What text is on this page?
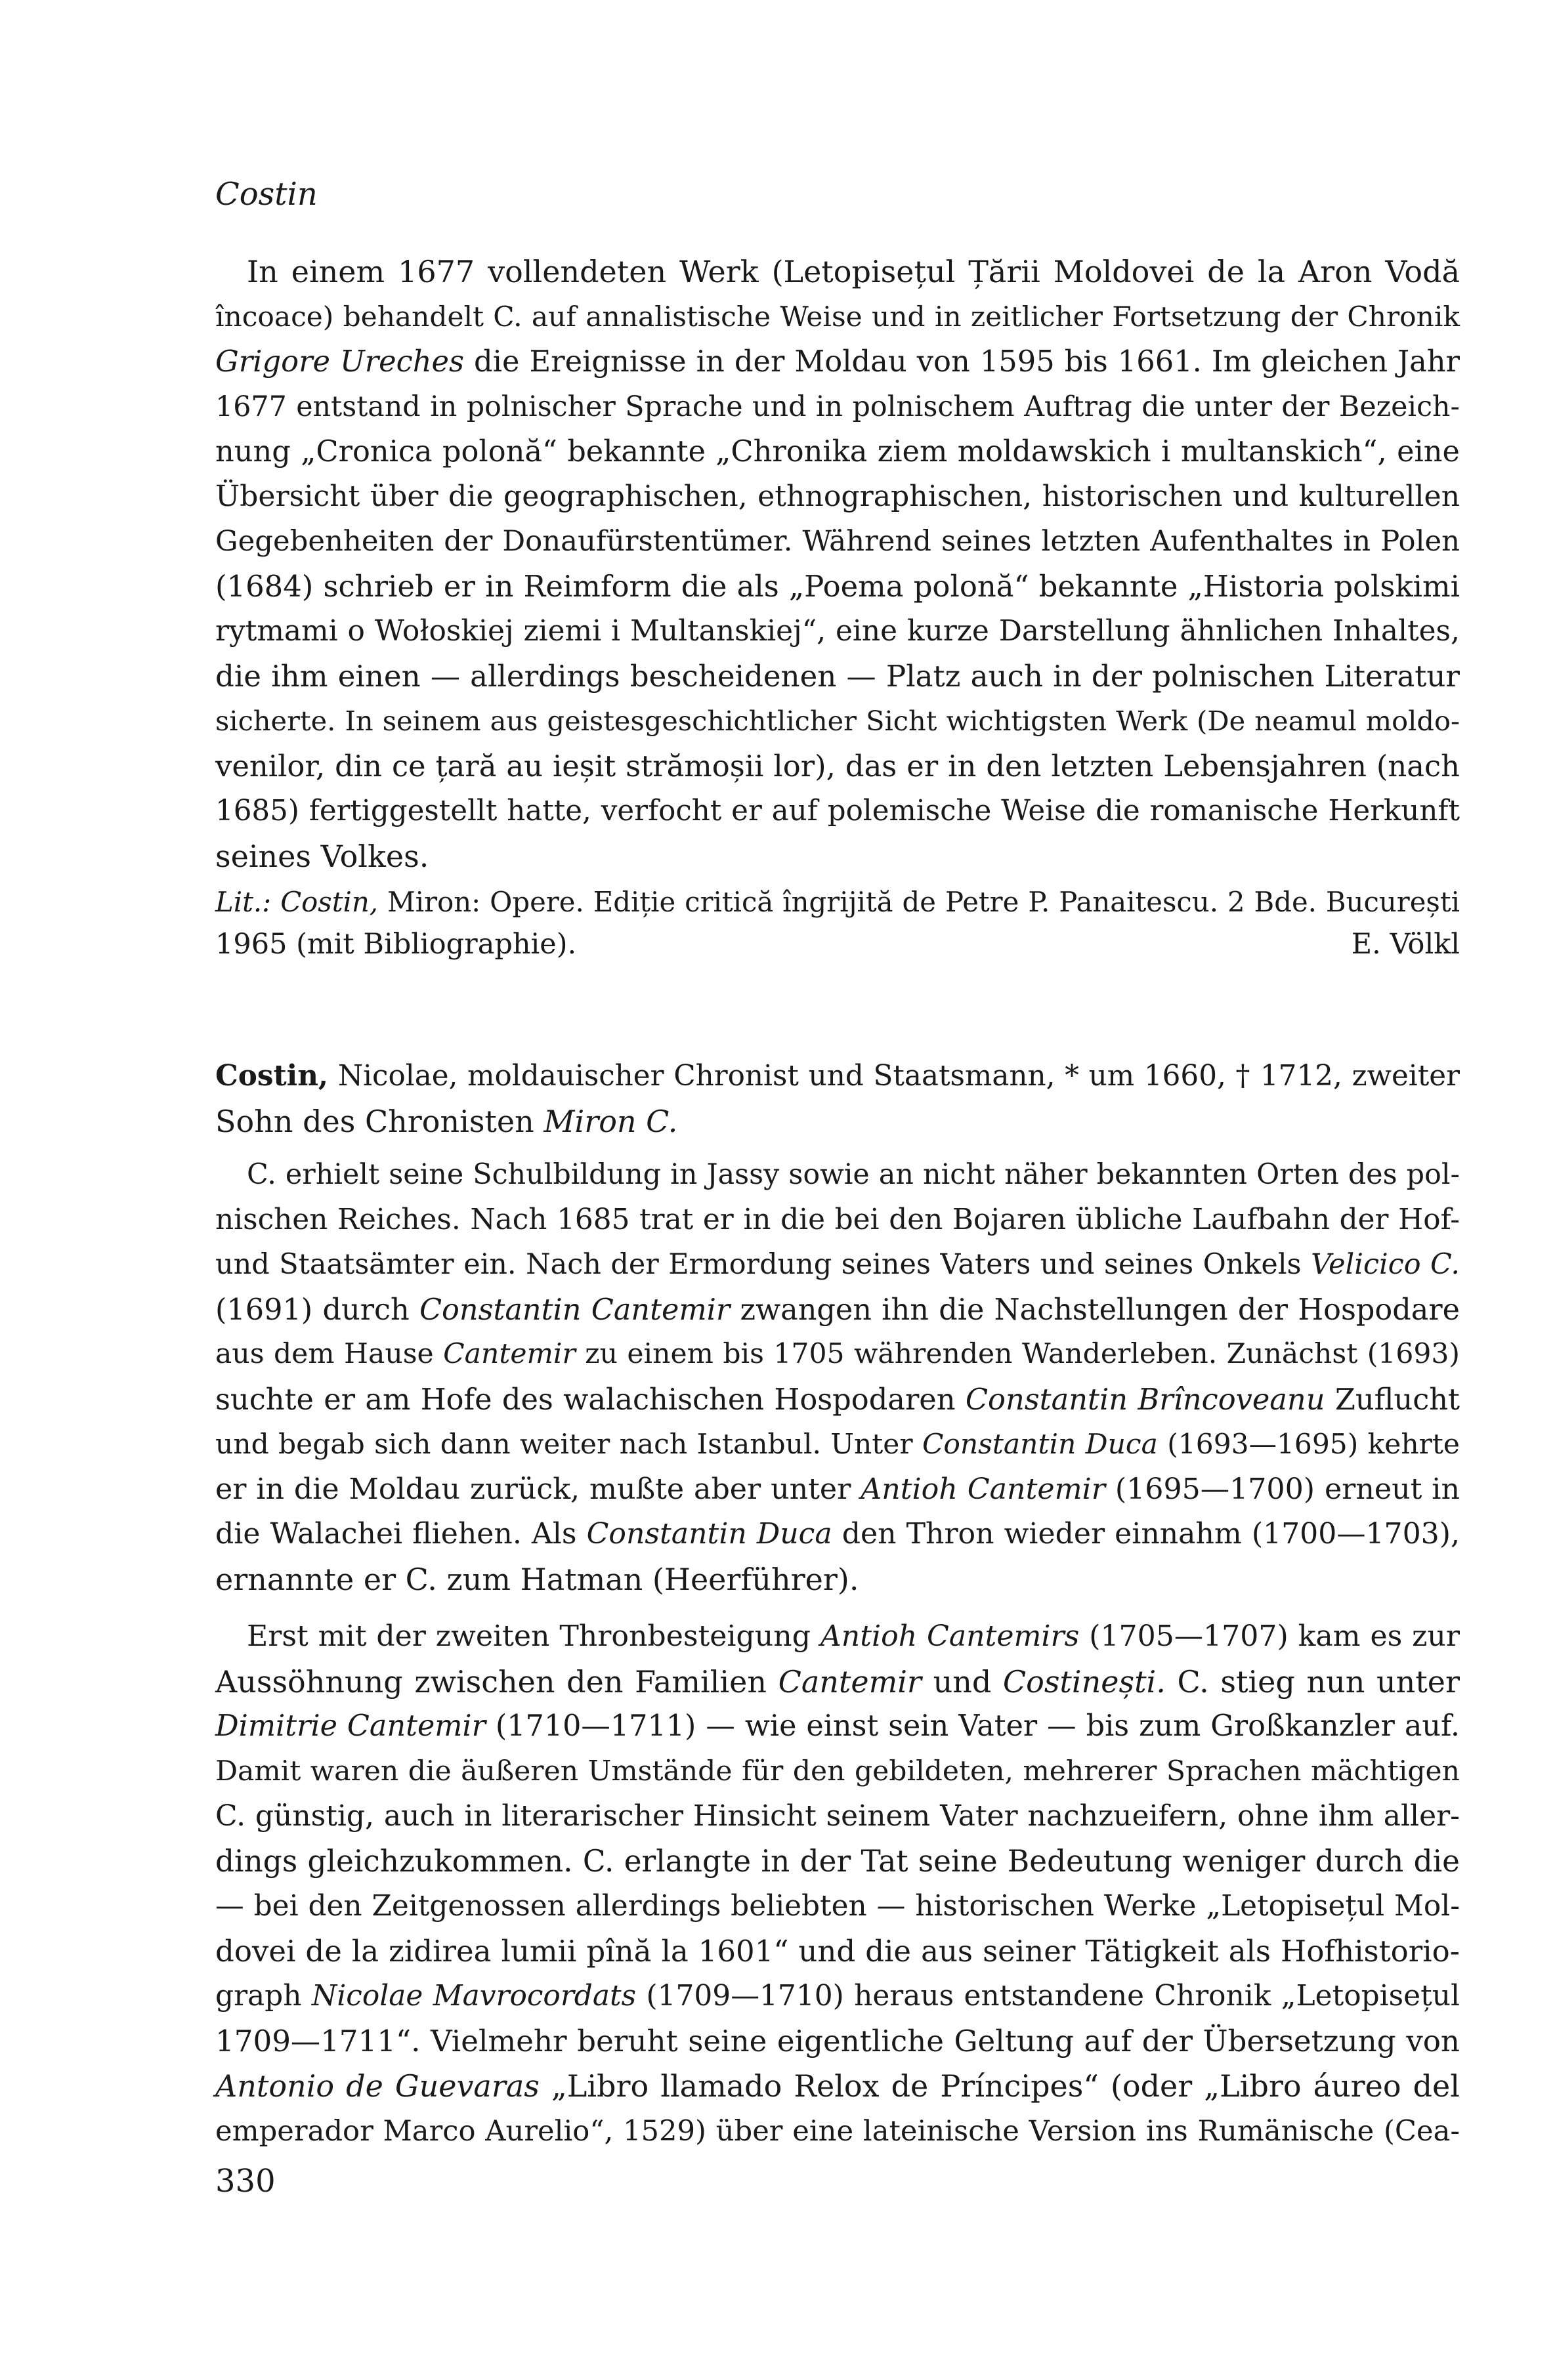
Costin
In einem 1677 vollendeten Werk (Letopisețul Țării Moldovei de la Aron Vodă
încoace) behandelt C. auf annalistische Weise und in zeitlicher Fortsetzung der Chronik
Grigore Ureches die Ereignisse in der Moldau von 1595 bis 1661. Im gleichen Jahr
1677 entstand in polnischer Sprache und in polnischem Auftrag die unter der Bezeich-
nung „Cronica polonă“ bekannte „Chronika ziem moldawskich i multanskich“, eine
Übersicht über die geographischen, ethnographischen, historischen und kulturellen
Gegebenheiten der Donaufürstentümer. Während seines letzten Aufenthaltes in Polen
(1684) schrieb er in Reimform die als „Poema polonă“ bekannte „Historia polskimi
rytmami o Wołoskiej ziemi i Multanskiej“, eine kurze Darstellung ähnlichen Inhaltes,
die ihm einen — allerdings bescheidenen — Platz auch in der polnischen Literatur
sicherte. In seinem aus geistesgeschichtlicher Sicht wichtigsten Werk (De neamul moldo-
venilor, din ce țară au ieșit strămoșii lor), das er in den letzten Lebensjahren (nach
1685) fertiggestellt hatte, verfocht er auf polemische Weise die romanische Herkunft
seines Volkes.
Lit.: Costin, Miron: Opere. Ediție critică îngrijită de Petre P. Panaitescu. 2 Bde. București
1965 (mit Bibliographie).	E. Völkl
Costin, Nicolae, moldauischer Chronist und Staatsmann, * um 1660, † 1712, zweiter
Sohn des Chronisten Miron C.
C. erhielt seine Schulbildung in Jassy sowie an nicht näher bekannten Orten des pol-
nischen Reiches. Nach 1685 trat er in die bei den Bojaren übliche Laufbahn der Hof-
und Staatsämter ein. Nach der Ermordung seines Vaters und seines Onkels Velicico C.
(1691) durch Constantin Cantemir zwangen ihn die Nachstellungen der Hospodare
aus dem Hause Cantemir zu einem bis 1705 währenden Wanderleben. Zunächst (1693)
suchte er am Hofe des walachischen Hospodaren Constantin Brîncoveanu Zuflucht
und begab sich dann weiter nach Istanbul. Unter Constantin Duca (1693—1695) kehrte
er in die Moldau zurück, mußte aber unter Antioh Cantemir (1695—1700) erneut in
die Walachei fliehen. Als Constantin Duca den Thron wieder einnahm (1700—1703),
ernannte er C. zum Hatman (Heerführer).
Erst mit der zweiten Thronbesteigung Antioh Cantemirs (1705—1707) kam es zur
Aussöhnung zwischen den Familien Cantemir und Costinești. C. stieg nun unter
Dimitrie Cantemir (1710—1711) — wie einst sein Vater — bis zum Großkanzler auf.
Damit waren die äußeren Umstände für den gebildeten, mehrerer Sprachen mächtigen
C. günstig, auch in literarischer Hinsicht seinem Vater nachzueifern, ohne ihm aller-
dings gleichzukommen. C. erlangte in der Tat seine Bedeutung weniger durch die
— bei den Zeitgenossen allerdings beliebten — historischen Werke „Letopisețul Mol-
dovei de la zidirea lumii pînă la 1601“ und die aus seiner Tätigkeit als Hofhistorio-
graph Nicolae Mavrocordats (1709—1710) heraus entstandene Chronik „Letopisețul
1709—1711“. Vielmehr beruht seine eigentliche Geltung auf der Übersetzung von
Antonio de Guevaras „Libro llamado Relox de Príncipes“ (oder „Libro áureo del
emperador Marco Aurelio“, 1529) über eine lateinische Version ins Rumänische (Cea-
330
